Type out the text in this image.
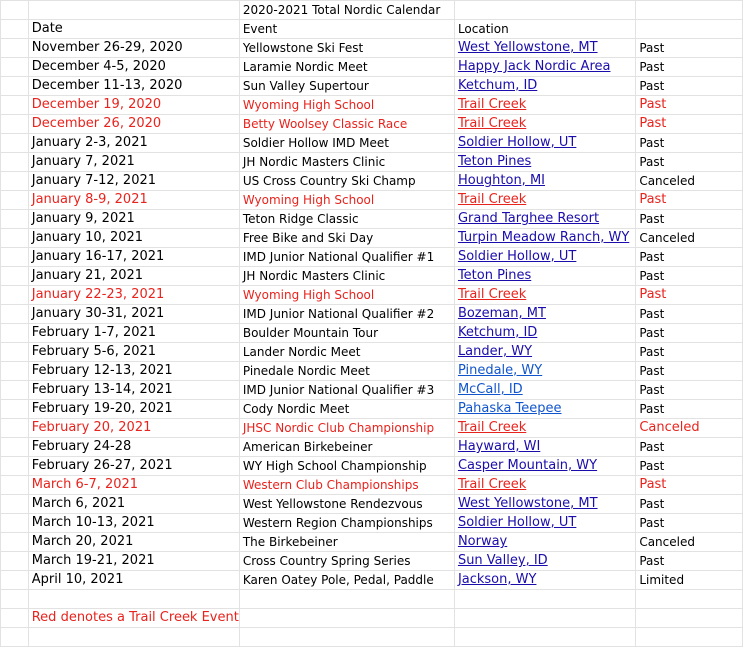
		2020-2021 Total Nordic Calendar		
	Date	Event	Location	
	November 26-29, 2020	Yellowstone Ski Fest	West Yellowstone, MT	Past
	December 4-5, 2020	Laramie Nordic Meet	Happy Jack Nordic Area	Past
	December 11-13, 2020	Sun Valley Supertour	Ketchum, ID	Past
	December 19, 2020	Wyoming High School	Trail Creek	Past
	December 26, 2020	Betty Woolsey Classic Race	Trail Creek	Past
	January 2-3, 2021	Soldier Hollow IMD Meet	Soldier Hollow, UT	Past
	January 7, 2021	JH Nordic Masters Clinic	Teton Pines	Past
	January 7-12, 2021	US Cross Country Ski Champ	Houghton, MI	Canceled
	January 8-9, 2021	Wyoming High School	Trail Creek	Past
	January 9, 2021	Teton Ridge Classic	Grand Targhee Resort	Past
	January 10, 2021	Free Bike and Ski Day	Turpin Meadow Ranch, WY	Canceled
	January 16-17, 2021	IMD Junior National Qualifier #1	Soldier Hollow, UT	Past
	January 21, 2021	JH Nordic Masters Clinic	Teton Pines	Past
	January 22-23, 2021	Wyoming High School	Trail Creek	Past
	January 30-31, 2021	IMD Junior National Qualifier #2	Bozeman, MT	Past
	February 1-7, 2021	Boulder Mountain Tour	Ketchum, ID	Past
	February 5-6, 2021	Lander Nordic Meet	Lander, WY	Past
	February 12-13, 2021	Pinedale Nordic Meet	Pinedale, WY	Past
	February 13-14, 2021	IMD Junior National Qualifier #3	McCall, ID	Past
	February 19-20, 2021	Cody Nordic Meet	Pahaska Teepee	Past
	February 20, 2021	JHSC Nordic Club Championship	Trail Creek	Canceled
	February 24-28	American Birkebeiner	Hayward, WI	Past
	February 26-27, 2021	WY High School Championship	Casper Mountain, WY	Past
	March 6-7, 2021	Western Club Championships	Trail Creek	Past
	March 6, 2021	West Yellowstone Rendezvous	West Yellowstone, MT	Past
	March 10-13, 2021	Western Region Championships	Soldier Hollow, UT	Past
	March 20, 2021	The Birkebeiner	Norway	Canceled
	March 19-21, 2021	Cross Country Spring Series	Sun Valley, ID	Past
	April 10, 2021	Karen Oatey Pole, Pedal, Paddle	Jackson, WY	Limited

	Red denotes a Trail Creek Event			
